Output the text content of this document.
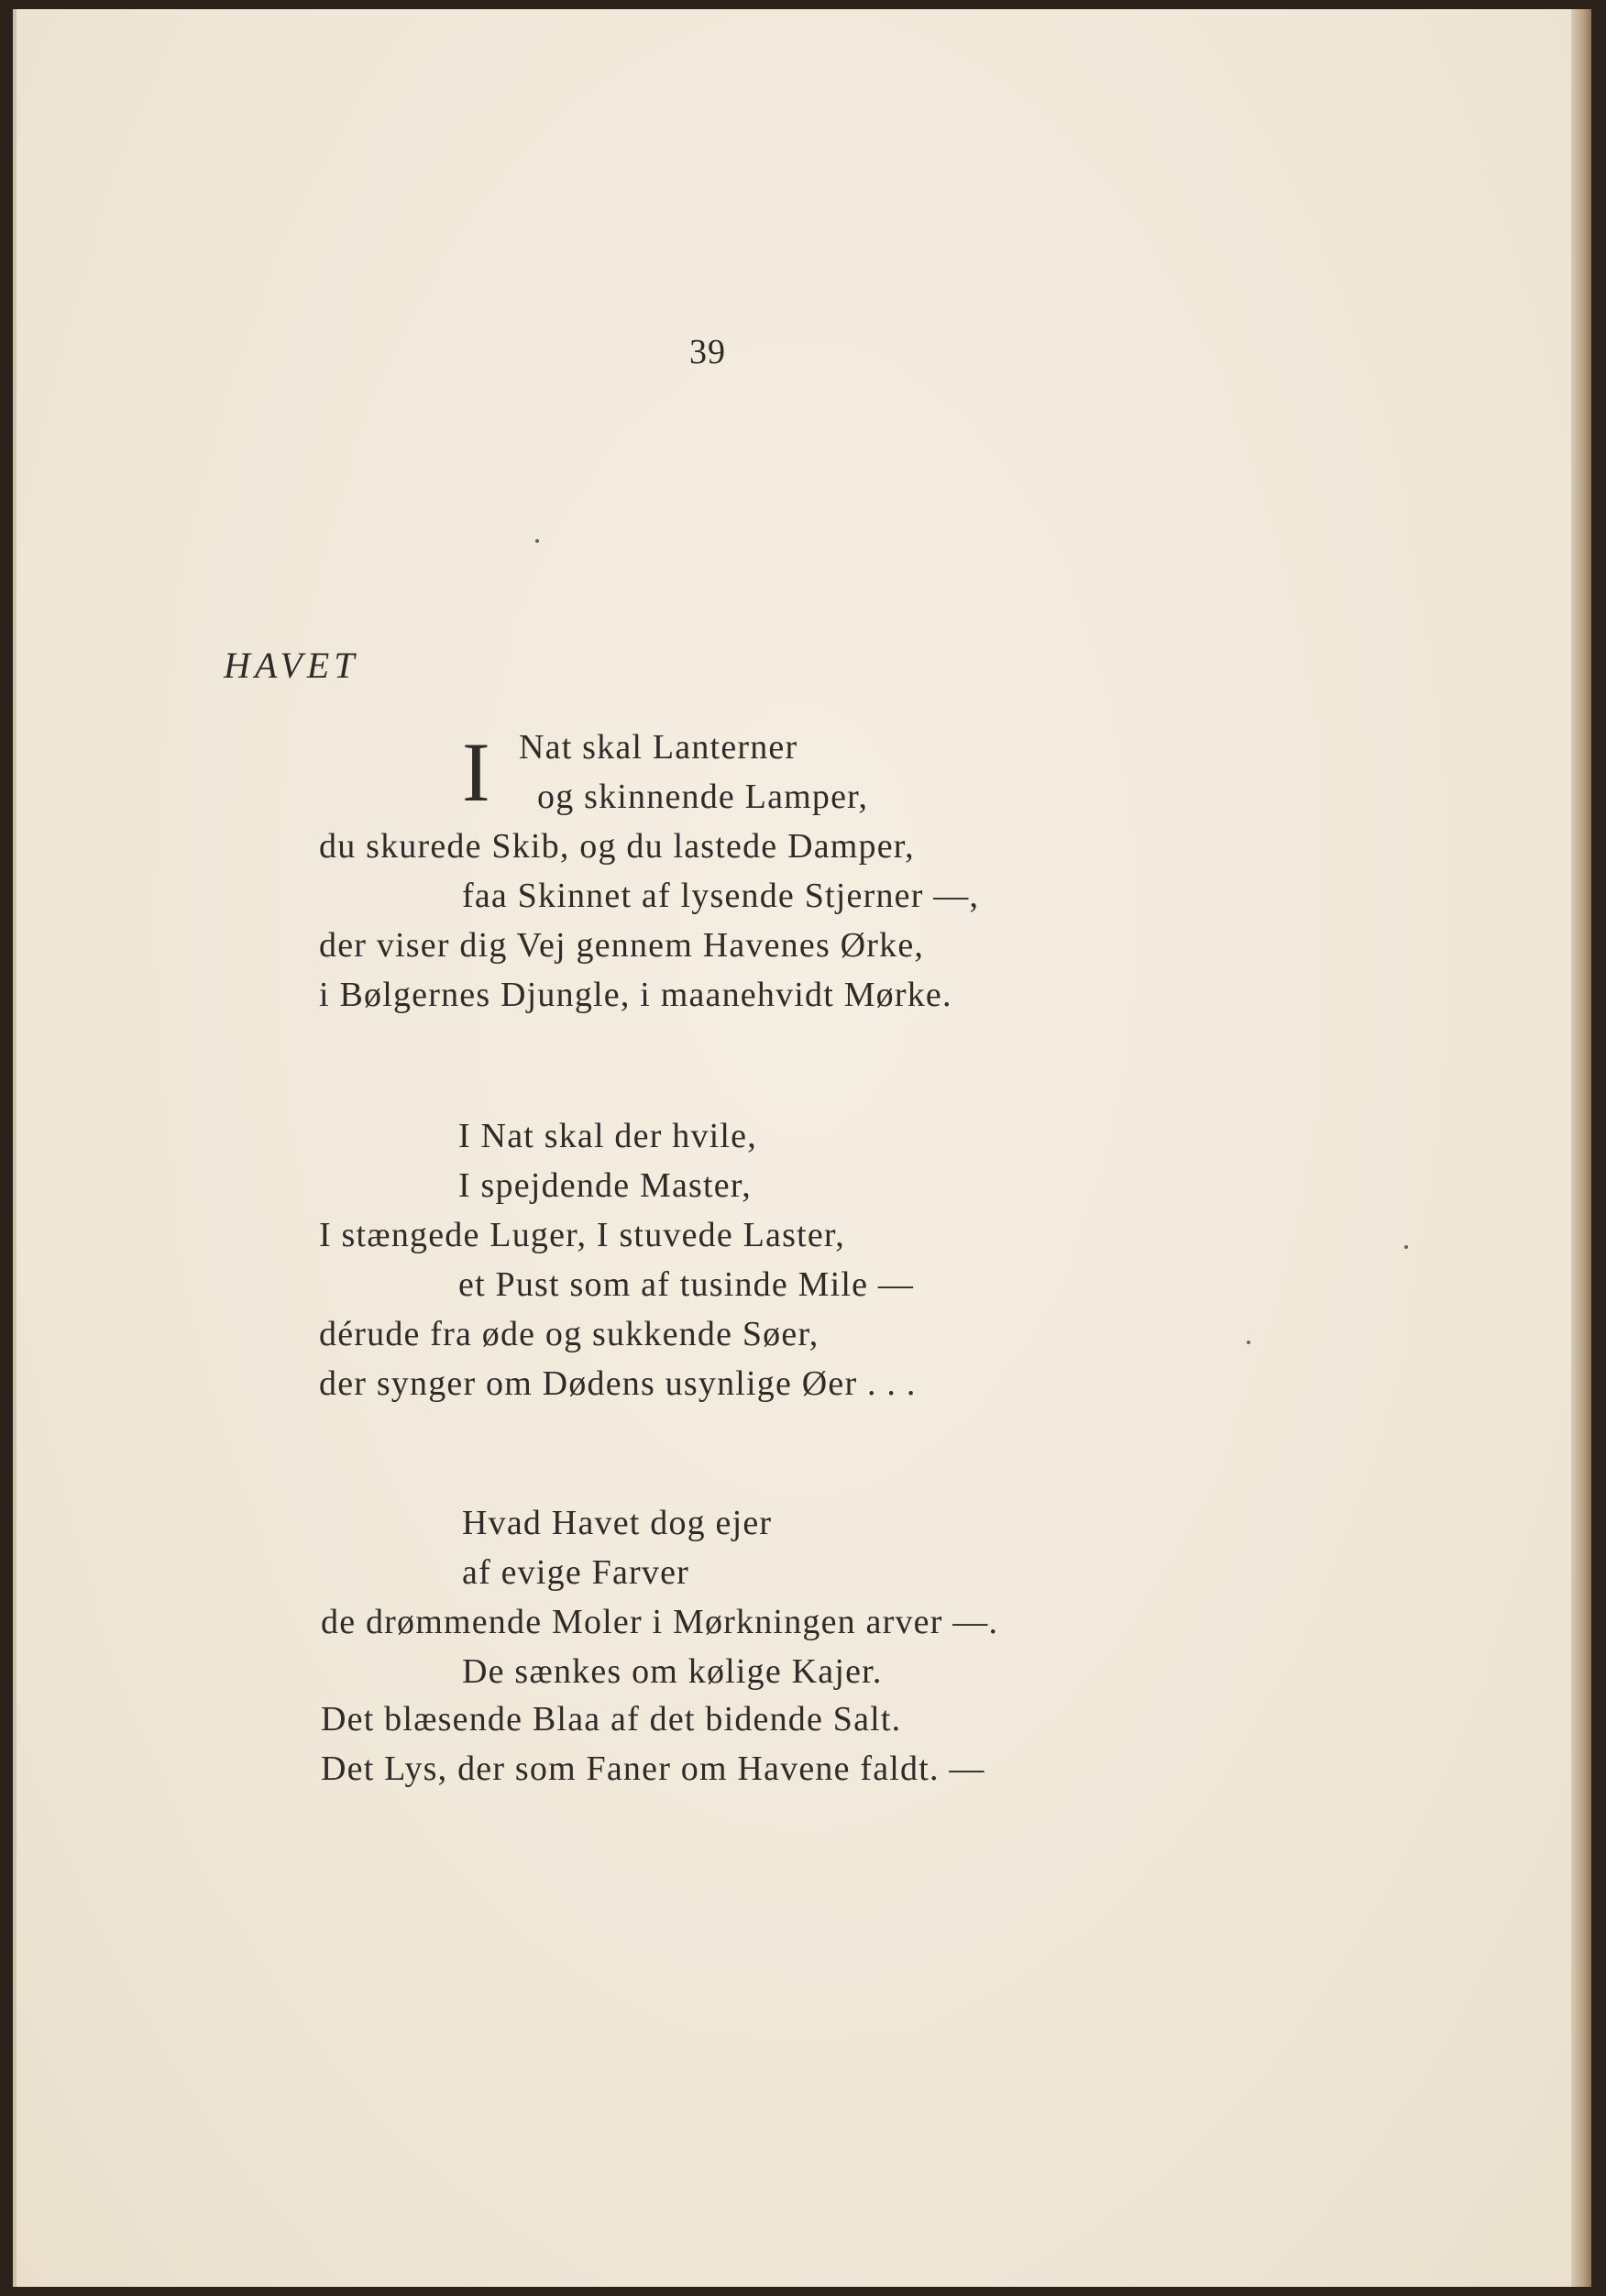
39
HAVET
I Nat skal Lanterner
og skinnende Lamper,
du skurede Skib, og du lastede Damper,
faa Skinnet af lysende Stjerner —,
der viser dig Vej gennem Havenes Ørke,
i Bølgernes Djungle, i maanehvidt Mørke.
I Nat skal der hvile,
I spejdende Master,
I stængede Luger, I stuvede Laster,
et Pust som af tusinde Mile —
dérude fra øde og sukkende Søer,
der synger om Dødens usynlige Øer . . .
Hvad Havet dog ejer
af evige Farver
de drømmende Moler i Mørkningen arver —.
De sænkes om kølige Kajer.
Det blæsende Blaa af det bidende Salt.
Det Lys, der som Faner om Havene faldt. —
